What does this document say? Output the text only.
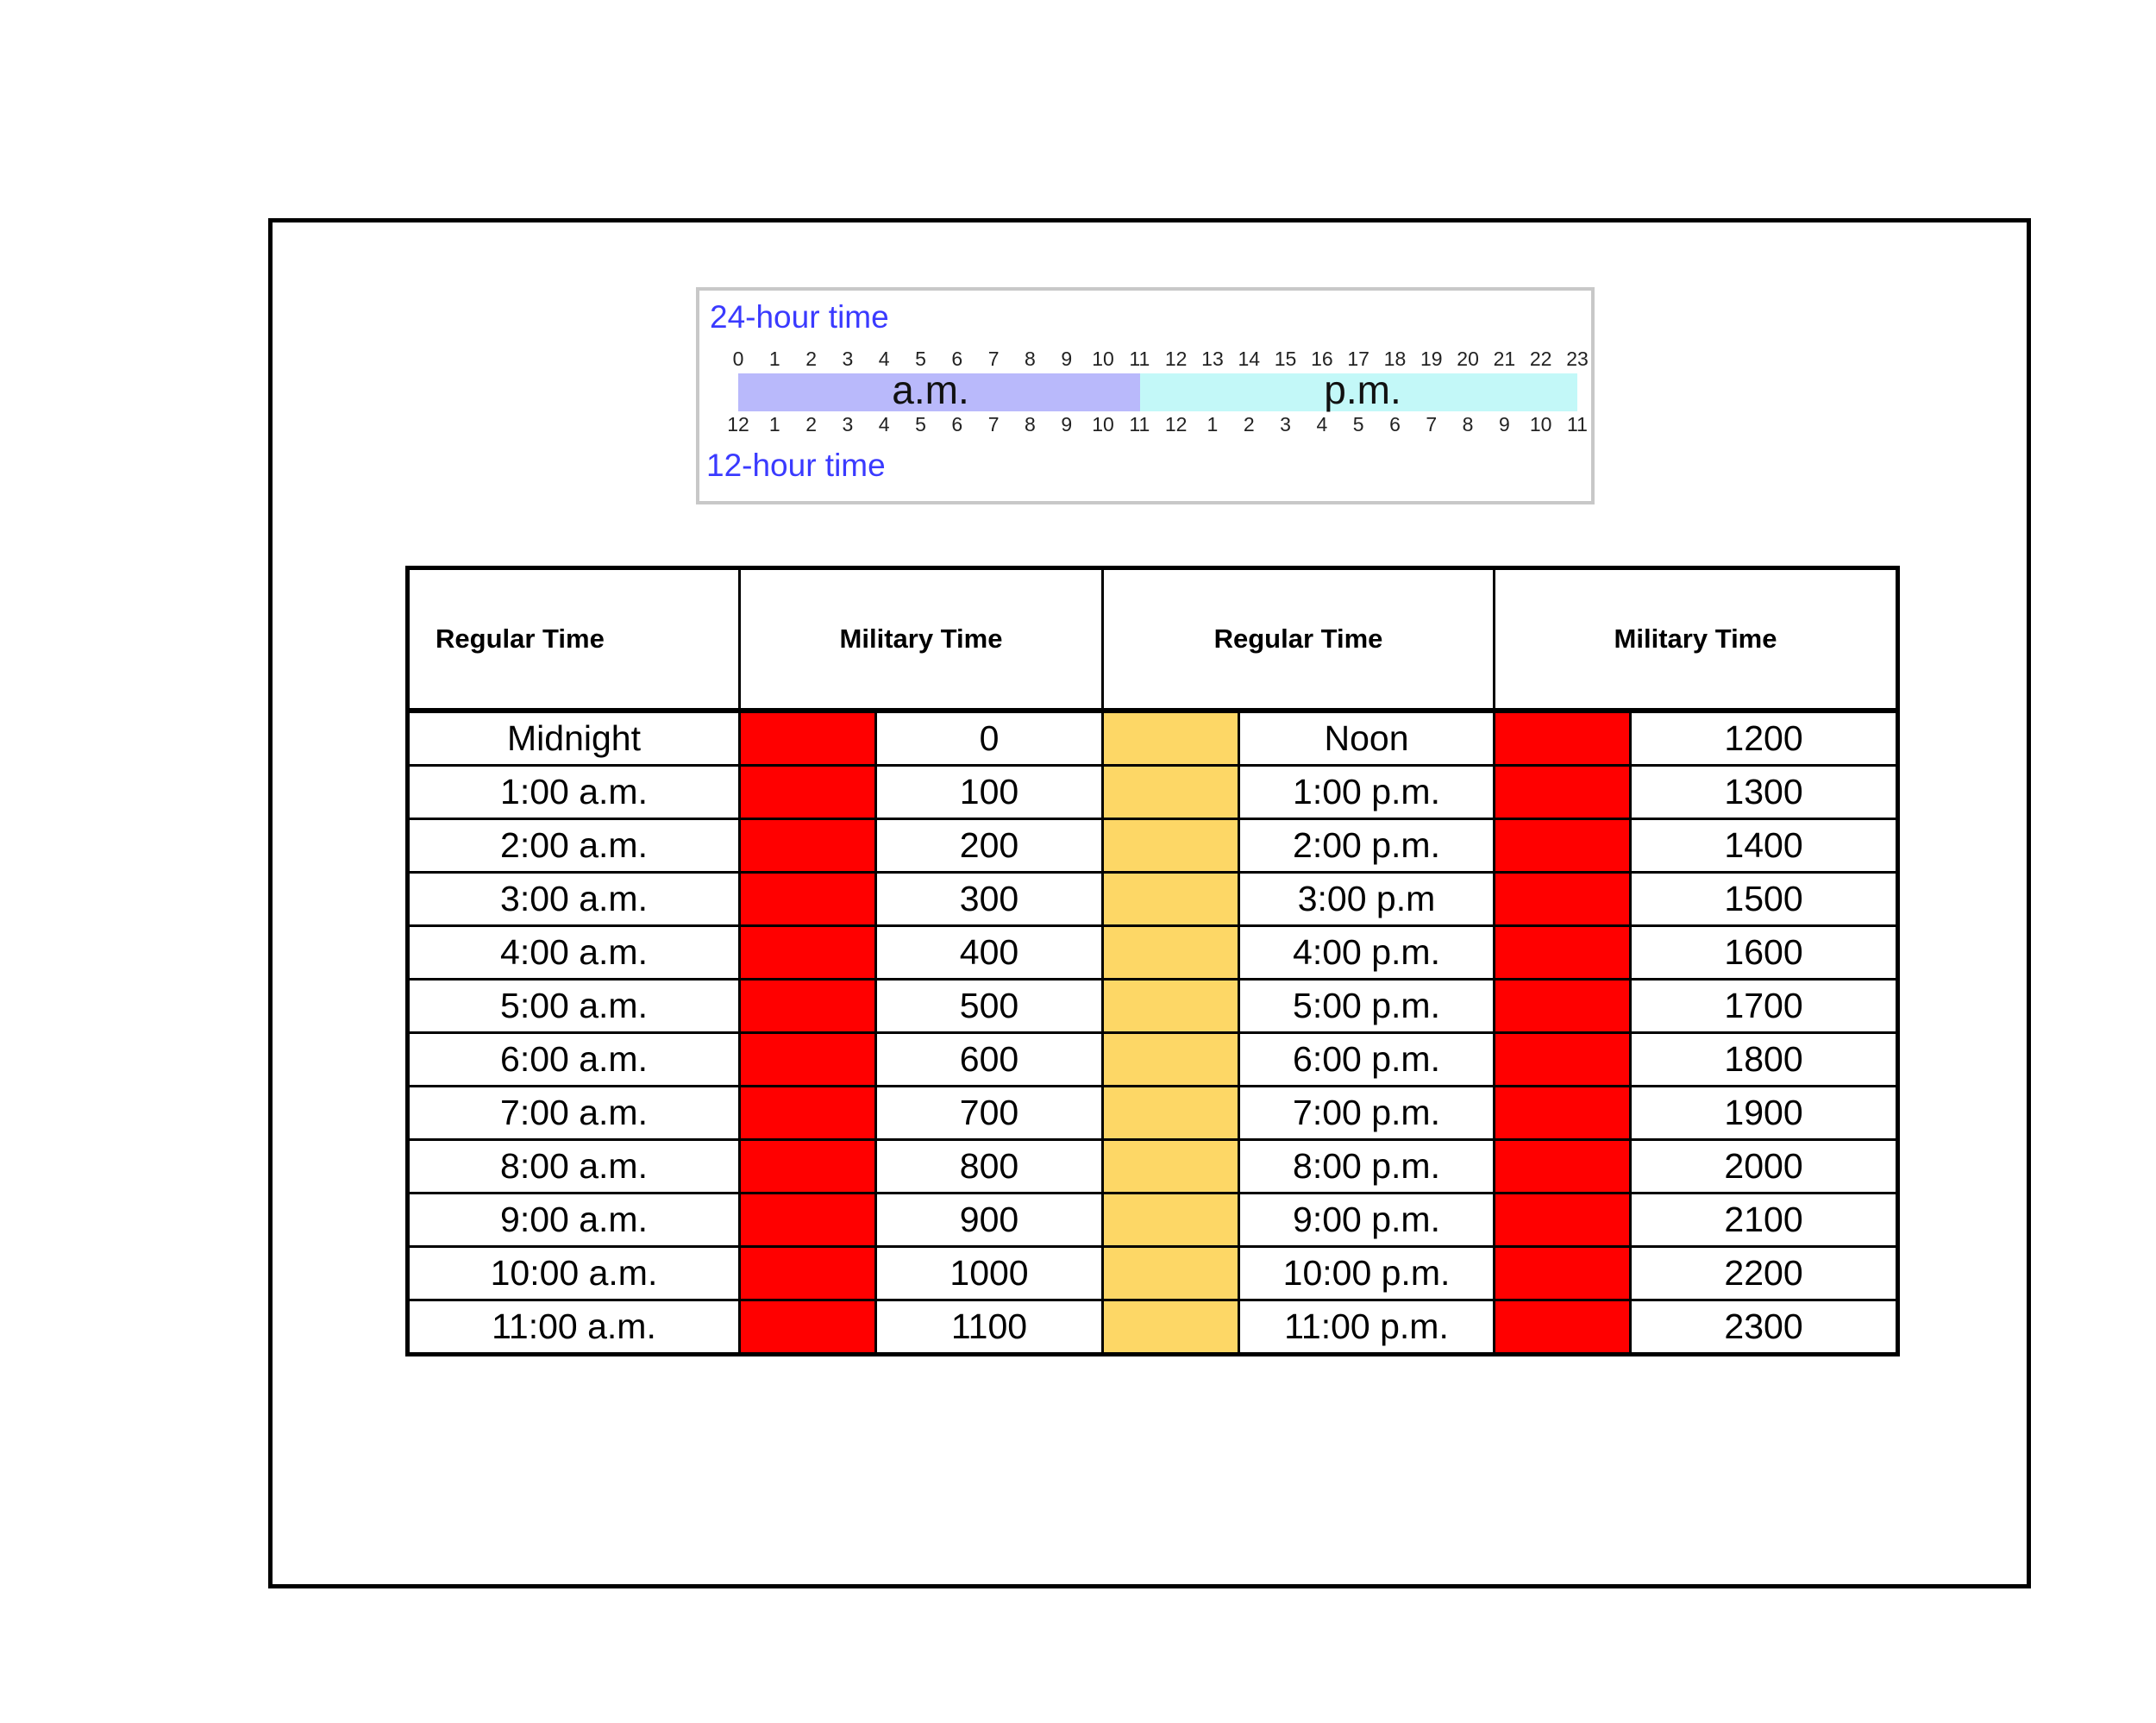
24-hour time
0 1 2 3 4 5 6 7 8 9 10 11 12 13 14 15 16 17 18 19 20 21 22 23
a.m.	p.m.
12 1 2 3 4 5 6 7 8 9 10 11 12 1 2 3 4 5 6 7 8 9 10 11
12-hour time
Regular Time	Military Time		Regular Time		Military Time	
Midnight		0		Noon		1200
1:00 a.m.		100		1:00 p.m.		1300
2:00 a.m.		200		2:00 p.m.		1400
3:00 a.m.		300		3:00 p.m		1500
4:00 a.m.		400		4:00 p.m.		1600
5:00 a.m.		500		5:00 p.m.		1700
6:00 a.m.		600		6:00 p.m.		1800
7:00 a.m.		700		7:00 p.m.		1900
8:00 a.m.		800		8:00 p.m.		2000
9:00 a.m.		900		9:00 p.m.		2100
10:00 a.m.		1000		10:00 p.m.		2200
11:00 a.m.		1100		11:00 p.m.		2300
